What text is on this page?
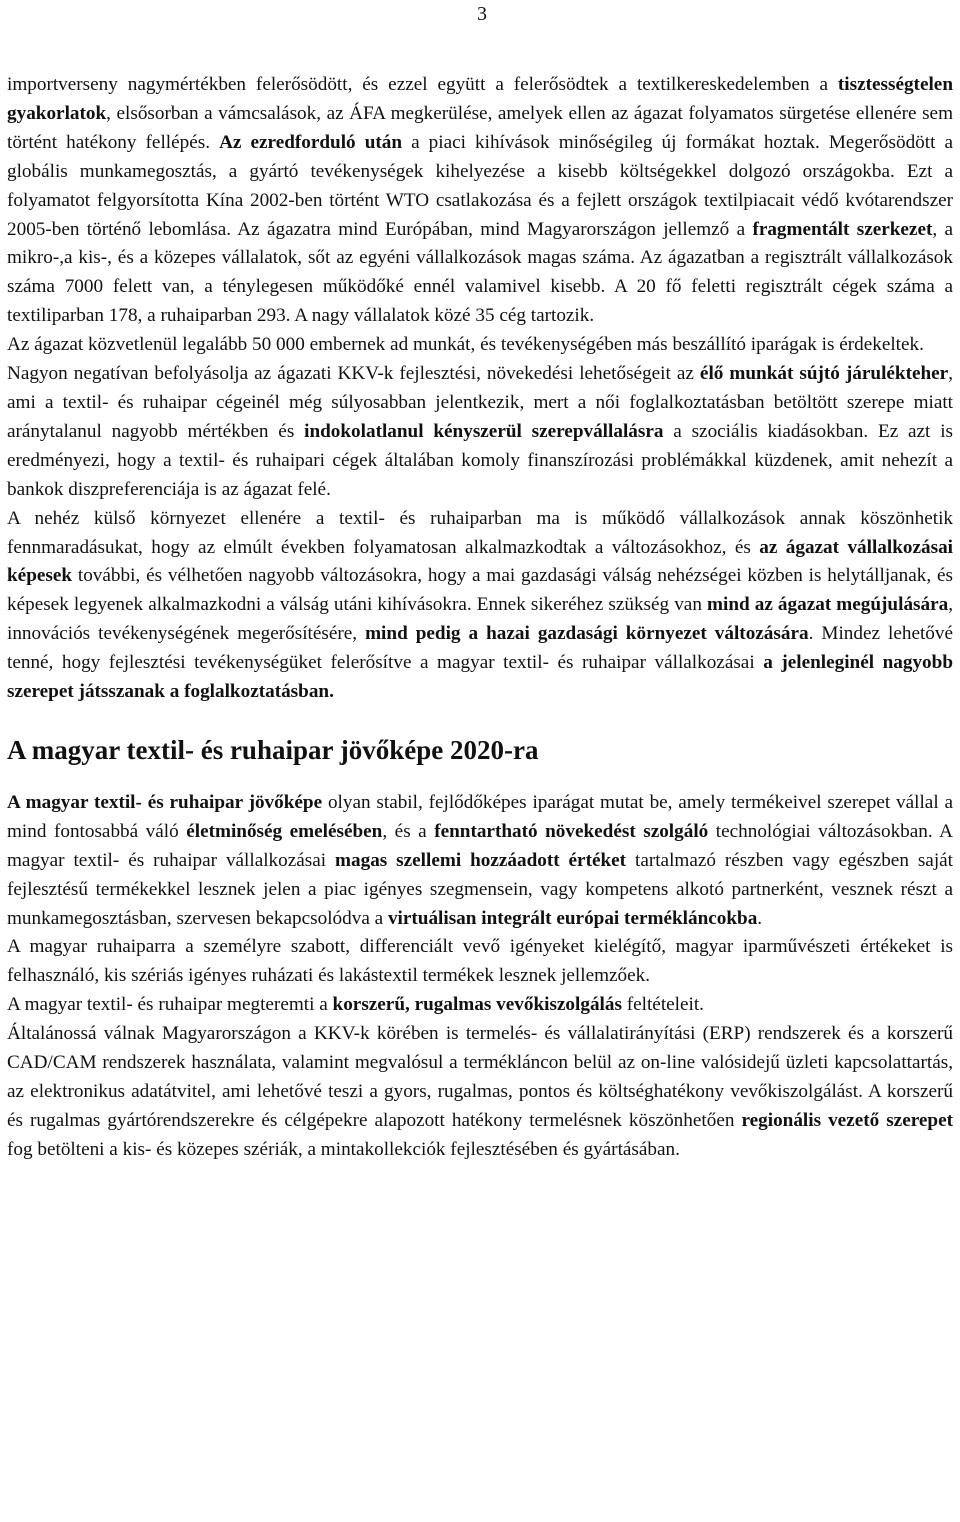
3

importverseny nagymértékben felerősödött, és ezzel együtt a felerősödtek a textilkereskedelemben a tisztességtelen gyakorlatok, elsősorban a vámcsalások, az ÁFA megkerülése, amelyek ellen az ágazat folyamatos sürgetése ellenére sem történt hatékony fellépés. Az ezredforduló után a piaci kihívások minőségileg új formákat hoztak. Megerősödött a globális munkamegosztás, a gyártó tevékenységek kihelyezése a kisebb költségekkel dolgozó országokba. Ezt a folyamatot felgyorsította Kína 2002-ben történt WTO csatlakozása és a fejlett országok textilpiacait védő kvótarendszer 2005-ben történő lebomlása. Az ágazatra mind Európában, mind Magyarországon jellemző a fragmentált szerkezet, a mikro-,a kis-, és a közepes vállalatok, sőt az egyéni vállalkozások magas száma. Az ágazatban a regisztrált vállalkozások száma 7000 felett van, a ténylegesen működőké ennél valamivel kisebb. A 20 fő feletti regisztrált cégek száma a textiliparban 178, a ruhaiparban 293. A nagy vállalatok közé 35 cég tartozik.

Az ágazat közvetlenül legalább 50 000 embernek ad munkát, és tevékenységében más beszállító iparágak is érdekeltek.

Nagyon negatívan befolyásolja az ágazati KKV-k fejlesztési, növekedési lehetőségeit az élő munkát sújtó járulékteher, ami a textil- és ruhaipar cégeinél még súlyosabban jelentkezik, mert a női foglalkoztatásban betöltött szerepe miatt aránytalanul nagyobb mértékben és indokolatlanul kényszerül szerepvállalásra a szociális kiadásokban. Ez azt is eredményezi, hogy a textil- és ruhaipari cégek általában komoly finanszírozási problémákkal küzdenek, amit nehezít a bankok diszpreferenciája is az ágazat felé.

A nehéz külső környezet ellenére a textil- és ruhaiparban ma is működő vállalkozások annak köszönhetik fennmaradásukat, hogy az elmúlt években folyamatosan alkalmazkodtak a változásokhoz, és az ágazat vállalkozásai képesek további, és vélhetően nagyobb változásokra, hogy a mai gazdasági válság nehézségei közben is helytálljanak, és képesek legyenek alkalmazkodni a válság utáni kihívásokra. Ennek sikeréhez szükség van mind az ágazat megújulására, innovációs tevékenységének megerősítésére, mind pedig a hazai gazdasági környezet változására. Mindez lehetővé tenné, hogy fejlesztési tevékenységüket felerősítve a magyar textil- és ruhaipar vállalkozásai a jelenleginél nagyobb szerepet játsszanak a foglalkoztatásban.

A magyar textil- és ruhaipar jövőképe 2020-ra

A magyar textil- és ruhaipar jövőképe olyan stabil, fejlődőképes iparágat mutat be, amely termékeivel szerepet vállal a mind fontosabbá váló életminőség emelésében, és a fenntartható növekedést szolgáló technológiai változásokban. A magyar textil- és ruhaipar vállalkozásai magas szellemi hozzáadott értéket tartalmazó részben vagy egészben saját fejlesztésű termékekkel lesznek jelen a piac igényes szegmensein, vagy kompetens alkotó partnerként, vesznek részt a munkamegosztásban, szervesen bekapcsolódva a virtuálisan integrált európai termékláncokba.

A magyar ruhaiparra a személyre szabott, differenciált vevő igényeket kielégítő, magyar iparművészeti értékeket is felhasználó, kis szériás igényes ruházati és lakástextil termékek lesznek jellemzőek.

A magyar textil- és ruhaipar megteremti a korszerű, rugalmas vevőkiszolgálás feltételeit.

Általánossá válnak Magyarországon a KKV-k körében is termelés- és vállalatirányítási (ERP) rendszerek és a korszerű CAD/CAM rendszerek használata, valamint megvalósul a termékláncon belül az on-line valósidejű üzleti kapcsolattartás, az elektronikus adatátvitel, ami lehetővé teszi a gyors, rugalmas, pontos és költséghatékony vevőkiszolgálást. A korszerű és rugalmas gyártórendszerekre és célgépekre alapozott hatékony termelésnek köszönhetően regionális vezető szerepet fog betölteni a kis- és közepes szériák, a mintakollekciók fejlesztésében és gyártásában.
